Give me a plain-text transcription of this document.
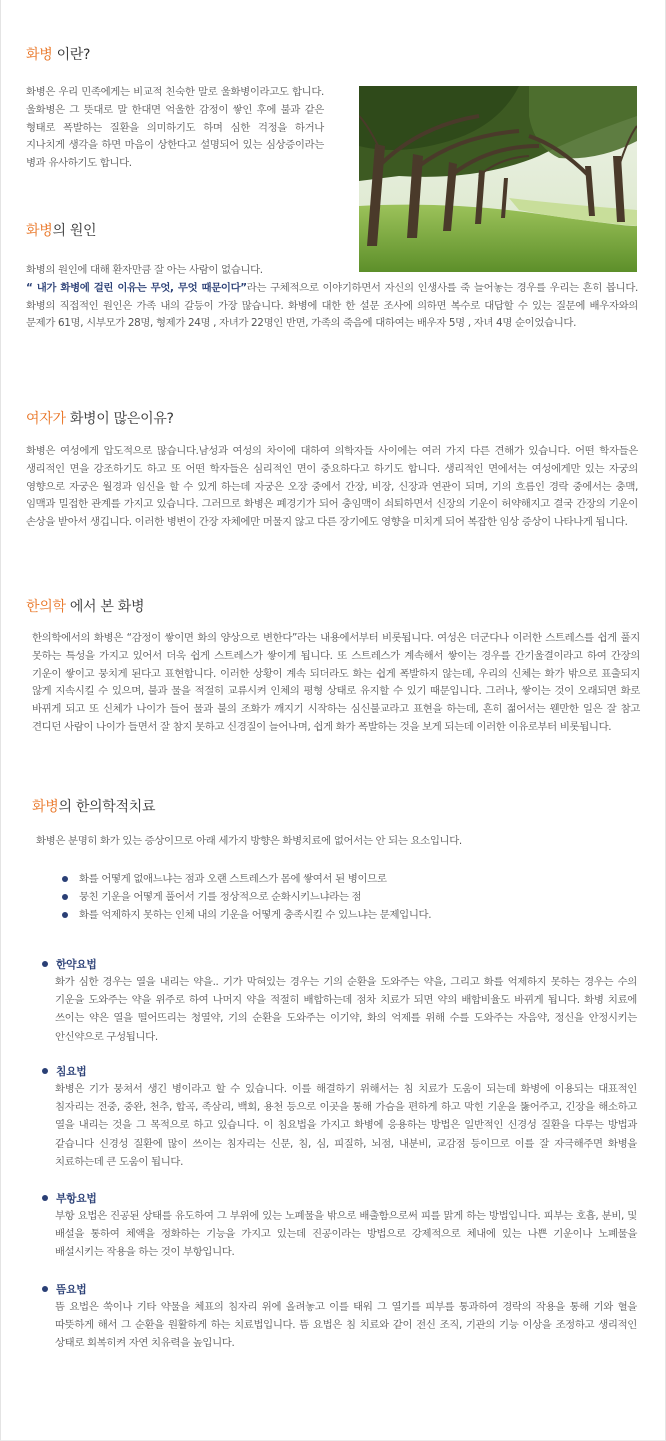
화병 이란?
화병은 우리 민족에게는 비교적 친숙한 말로 울화병이라고도 합니다. 울화병은 그 뜻대로 말 한대면 억울한 감정이 쌓인 후에 불과 같은 형태로 폭발하는 질환을 의미하기도 하며 심한 걱정을 하거나 지나치게 생각을 하면 마음이 상한다고 설명되어 있는 심상증이라는 병과 유사하기도 합니다.
화병의 원인
화병의 원인에 대해 환자만큼 잘 아는 사람이 없습니다.
“ 내가 화병에 걸린 이유는 무엇, 무엇 때문이다”라는 구체적으로 이야기하면서 자신의 인생사를 죽 늘어놓는 경우를 우리는 흔히 봅니다. 화병의 직접적인 원인은 가족 내의 갈등이 가장 많습니다. 화병에 대한 한 설문 조사에 의하면 복수로 대답할 수 있는 질문에 배우자와의 문제가 61명, 시부모가 28명, 형제가 24명 , 자녀가 22명인 반면, 가족의 죽음에 대하여는 배우자 5명 , 자녀 4명 순이었습니다.
여자가 화병이 많은이유?
화병은 여성에게 압도적으로 많습니다.남성과 여성의 차이에 대하여 의학자들 사이에는 여러 가지 다른 견해가 있습니다. 어떤 학자들은 생리적인 면을 강조하기도 하고 또 어떤 학자들은 심리적인 면이 중요하다고 하기도 합니다. 생리적인 면에서는 여성에게만 있는 자궁의 영향으로 자궁은 월경과 임신을 할 수 있게 하는데 자궁은 오장 중에서 간장, 비장, 신장과 연관이 되며, 기의 흐름인 경락 중에서는 충맥, 임맥과 밀접한 관계를 가지고 있습니다. 그러므로 화병은 폐경기가 되어 충임맥이 쇠퇴하면서 신장의 기운이 허약해지고 결국 간장의 기운이 손상을 받아서 생깁니다. 이러한 병변이 간장 자체에만 머물지 않고 다른 장기에도 영향을 미치게 되어 복잡한 임상 증상이 나타나게 됩니다.
한의학 에서 본 화병
한의학에서의 화병은 “감정이 쌓이면 화의 양상으로 변한다”라는 내용에서부터 비롯됩니다. 여성은 더군다나 이러한 스트레스를 쉽게 풀지 못하는 특성을 가지고 있어서 더욱 쉽게 스트레스가 쌓이게 됩니다. 또 스트레스가 계속해서 쌓이는 경우를 간기울결이라고 하여 간장의 기운이 쌓이고 뭉치게 된다고 표현합니다. 이러한 상황이 계속 되더라도 화는 쉽게 폭발하지 않는데, 우리의 신체는 화가 밖으로 표출되지 않게 지속시킬 수 있으며, 불과 물을 적절히 교류시켜 인체의 평형 상태로 유지할 수 있기 때문입니다. 그러나, 쌓이는 것이 오래되면 화로 바뀌게 되고 또 신체가 나이가 들어 물과 불의 조화가 깨지기 시작하는 심신불교라고 표현을 하는데, 흔히 젊어서는 웬만한 일은 잘 참고 견디던 사람이 나이가 들면서 잘 참지 못하고 신경질이 늘어나며, 쉽게 화가 폭발하는 것을 보게 되는데 이러한 이유로부터 비롯됩니다.
화병의 한의학적치료
화병은 분명히 화가 있는 증상이므로 아래 세가지 방향은 화병치료에 없어서는 안 되는 요소입니다.
화를 어떻게 없애느냐는 점과 오랜 스트레스가 몸에 쌓여서 된 병이므로
뭉친 기운을 어떻게 풀어서 기를 정상적으로 순화시키느냐라는 점
화를 억제하지 못하는 인체 내의 기운을 어떻게 충족시킬 수 있느냐는 문제입니다.
한약요법
화가 심한 경우는 열을 내리는 약을.. 기가 막혀있는 경우는 기의 순환을 도와주는 약을, 그리고 화를 억제하지 못하는 경우는 수의 기운을 도와주는 약을 위주로 하여 나머지 약을 적절히 배합하는데 점차 치료가 되면 약의 배합비율도 바뀌게 됩니다. 화병 치료에 쓰이는 약은 열을 떨어뜨리는 청열약, 기의 순환을 도와주는 이기약, 화의 억제를 위해 수를 도와주는 자음약, 정신을 안정시키는 안신약으로 구성됩니다.
침요법
화병은 기가 뭉쳐서 생긴 병이라고 할 수 있습니다. 이를 해결하기 위해서는 침 치료가 도움이 되는데 화병에 이용되는 대표적인 침자리는 전중, 중완, 천추, 합곡, 족삼리, 백회, 용천 등으로 이곳을 통해 가슴을 편하게 하고 막힌 기운을 뚫어주고, 긴장을 해소하고 열을 내리는 것을 그 목적으로 하고 있습니다. 이 침요법을 가지고 화병에 응용하는 방법은 일반적인 신경성 질환을 다루는 방법과 같습니다 신경성 질환에 많이 쓰이는 침자리는 신문, 침, 심, 피질하, 뇌점, 내분비, 교감점 등이므로 이를 잘 자극해주면 화병을 치료하는데 큰 도움이 됩니다.
부항요법
부항 요법은 진공된 상태를 유도하여 그 부위에 있는 노폐물을 밖으로 배출함으로써 피를 맑게 하는 방법입니다. 피부는 호흡, 분비, 및 배설을 통하여 체액을 정화하는 기능을 가지고 있는데 진공이라는 방법으로 강제적으로 체내에 있는 나쁜 기운이나 노폐물을 배설시키는 작용을 하는 것이 부항입니다.
뜸요법
뜸 요법은 쑥이나 기타 약물을 체표의 침자리 위에 올려놓고 이를 태워 그 열기를 피부를 통과하여 경락의 작용을 통해 기와 혈을 따뜻하게 해서 그 순환을 원활하게 하는 치료법입니다. 뜸 요법은 침 치료와 같이 전신 조직, 기관의 기능 이상을 조정하고 생리적인 상태로 회복히켜 자연 치유력을 높입니다.
